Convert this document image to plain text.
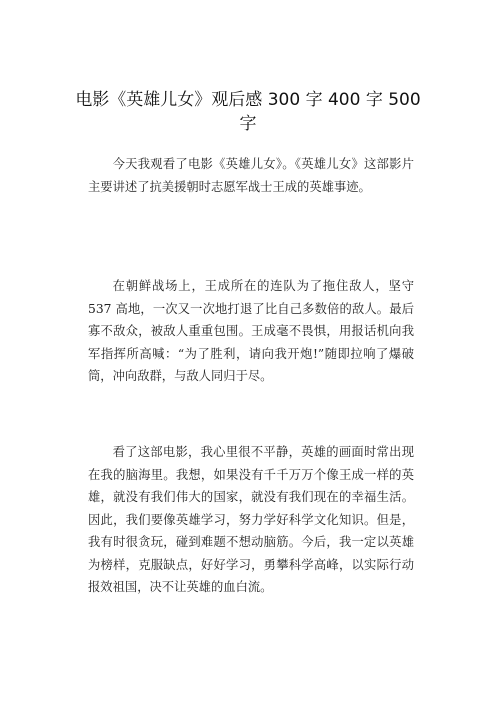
电影《英雄儿女》观后感 300 字 400 字 500 字

今天我观看了电影《英雄儿女》。《英雄儿女》这部影片主要讲述了抗美援朝时志愿军战士王成的英雄事迹。

在朝鲜战场上，王成所在的连队为了拖住敌人，坚守 537 高地，一次又一次地打退了比自己多数倍的敌人。最后寡不敌众，被敌人重重包围。王成毫不畏惧，用报话机向我军指挥所高喊：“为了胜利，请向我开炮!”随即拉响了爆破筒，冲向敌群，与敌人同归于尽。

看了这部电影，我心里很不平静，英雄的画面时常出现在我的脑海里。我想，如果没有千千万万个像王成一样的英雄，就没有我们伟大的国家，就没有我们现在的幸福生活。因此，我们要像英雄学习，努力学好科学文化知识。但是，我有时很贪玩，碰到难题不想动脑筋。今后，我一定以英雄为榜样，克服缺点，好好学习，勇攀科学高峰，以实际行动报效祖国，决不让英雄的血白流。
